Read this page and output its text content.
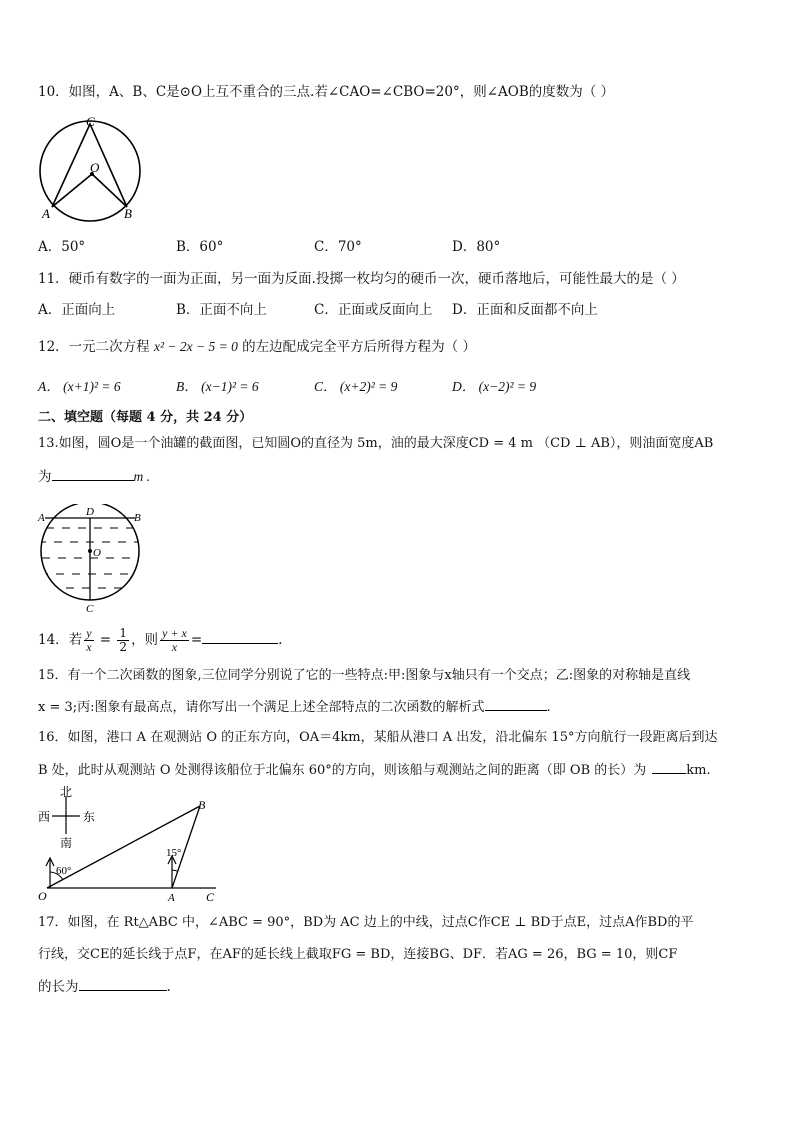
10．如图，A、B、C是⊙O上互不重合的三点.若∠CAO=∠CBO=20°，则∠AOB的度数为（ ）
C
O
A	B
A．50°	B．60°	C．70°	D．80°
11．硬币有数字的一面为正面，另一面为反面.投掷一枚均匀的硬币一次，硬币落地后，可能性最大的是（ ）
A．正面向上	B．正面不向上	C．正面或反面向上 D．正面和反面都不向上
12．一元二次方程 x² − 2x − 5 = 0 的左边配成完全平方后所得方程为（ ）
A． (x+1)² = 6	B． (x−1)² = 6	C． (x+2)² = 9	D． (x−2)² = 9
二、填空题（每题 4 分，共 24 分）
13.如图，圆O是一个油罐的截面图，已知圆O的直径为 5m，油的最大深度CD = 4 m （CD ⊥ AB），则油面宽度AB
为	m .
A	D	B
O
C
14．若 $\frac{y}{x} = \frac{1}{2}$ ，则 $\frac{y + x}{x}$ =	.
15．有一个二次函数的图象,三位同学分别说了它的一些特点:甲:图象与x轴只有一个交点；乙:图象的对称轴是直线
x = 3;丙:图象有最高点，请你写出一个满足上述全部特点的二次函数的解析式	.
16．如图，港口 A 在观测站 O 的正东方向，OA＝4km，某船从港口 A 出发，沿北偏东 15°方向航行一段距离后到达
B 处，此时从观测站 O 处测得该船位于北偏东 60°的方向，则该船与观测站之间的距离（即 OB 的长）为	km.
北
西	东
南
60°
15°
B
O	A	C
17．如图，在 Rt△ABC 中，∠ABC = 90°，BD为 AC 边上的中线，过点C作CE ⊥ BD于点E，过点A作BD的平
行线，交CE的延长线于点F，在AF的延长线上截取FG = BD，连接BG、DF．若AG = 26，BG = 10，则CF
的长为	.
